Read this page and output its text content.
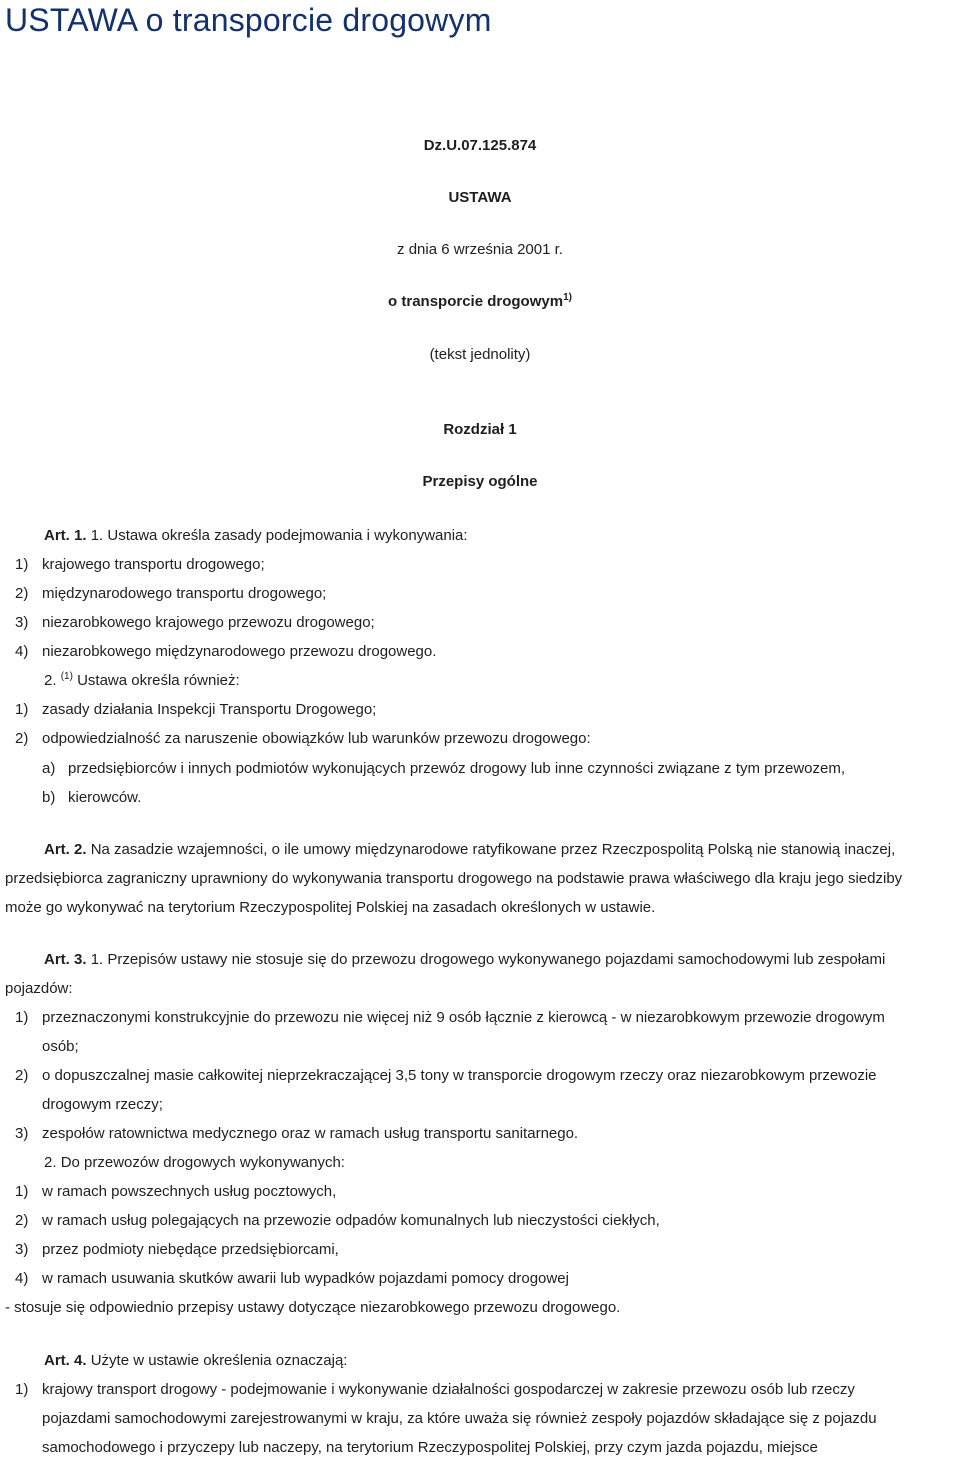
USTAWA o transporcie drogowym
Dz.U.07.125.874
USTAWA
z dnia 6 września 2001 r.
o transporcie drogowym$^{1)}$
(tekst jednolity)
Rozdział 1
Przepisy ogólne
Art. 1. 1. Ustawa określa zasady podejmowania i wykonywania:
1) krajowego transportu drogowego;
2) międzynarodowego transportu drogowego;
3) niezarobkowego krajowego przewozu drogowego;
4) niezarobkowego międzynarodowego przewozu drogowego.
2. $^{(1)}$ Ustawa określa również:
1) zasady działania Inspekcji Transportu Drogowego;
2) odpowiedzialność za naruszenie obowiązków lub warunków przewozu drogowego:
a) przedsiębiorców i innych podmiotów wykonujących przewóz drogowy lub inne czynności związane z tym przewozem,
b) kierowców.
Art. 2. Na zasadzie wzajemności, o ile umowy międzynarodowe ratyfikowane przez Rzeczpospolitą Polską nie stanowią inaczej,
przedsiębiorca zagraniczny uprawniony do wykonywania transportu drogowego na podstawie prawa właściwego dla kraju jego siedziby
może go wykonywać na terytorium Rzeczypospolitej Polskiej na zasadach określonych w ustawie.
Art. 3. 1. Przepisów ustawy nie stosuje się do przewozu drogowego wykonywanego pojazdami samochodowymi lub zespołami
pojazdów:
1) przeznaczonymi konstrukcyjnie do przewozu nie więcej niż 9 osób łącznie z kierowcą - w niezarobkowym przewozie drogowym
osób;
2) o dopuszczalnej masie całkowitej nieprzekraczającej 3,5 tony w transporcie drogowym rzeczy oraz niezarobkowym przewozie
drogowym rzeczy;
3) zespołów ratownictwa medycznego oraz w ramach usług transportu sanitarnego.
2. Do przewozów drogowych wykonywanych:
1) w ramach powszechnych usług pocztowych,
2) w ramach usług polegających na przewozie odpadów komunalnych lub nieczystości ciekłych,
3) przez podmioty niebędące przedsiębiorcami,
4) w ramach usuwania skutków awarii lub wypadków pojazdami pomocy drogowej
- stosuje się odpowiednio przepisy ustawy dotyczące niezarobkowego przewozu drogowego.
Art. 4. Użyte w ustawie określenia oznaczają:
1) krajowy transport drogowy - podejmowanie i wykonywanie działalności gospodarczej w zakresie przewozu osób lub rzeczy
pojazdami samochodowymi zarejestrowanymi w kraju, za które uważa się również zespoły pojazdów składające się z pojazdu
samochodowego i przyczepy lub naczepy, na terytorium Rzeczypospolitej Polskiej, przy czym jazda pojazdu, miejsce
